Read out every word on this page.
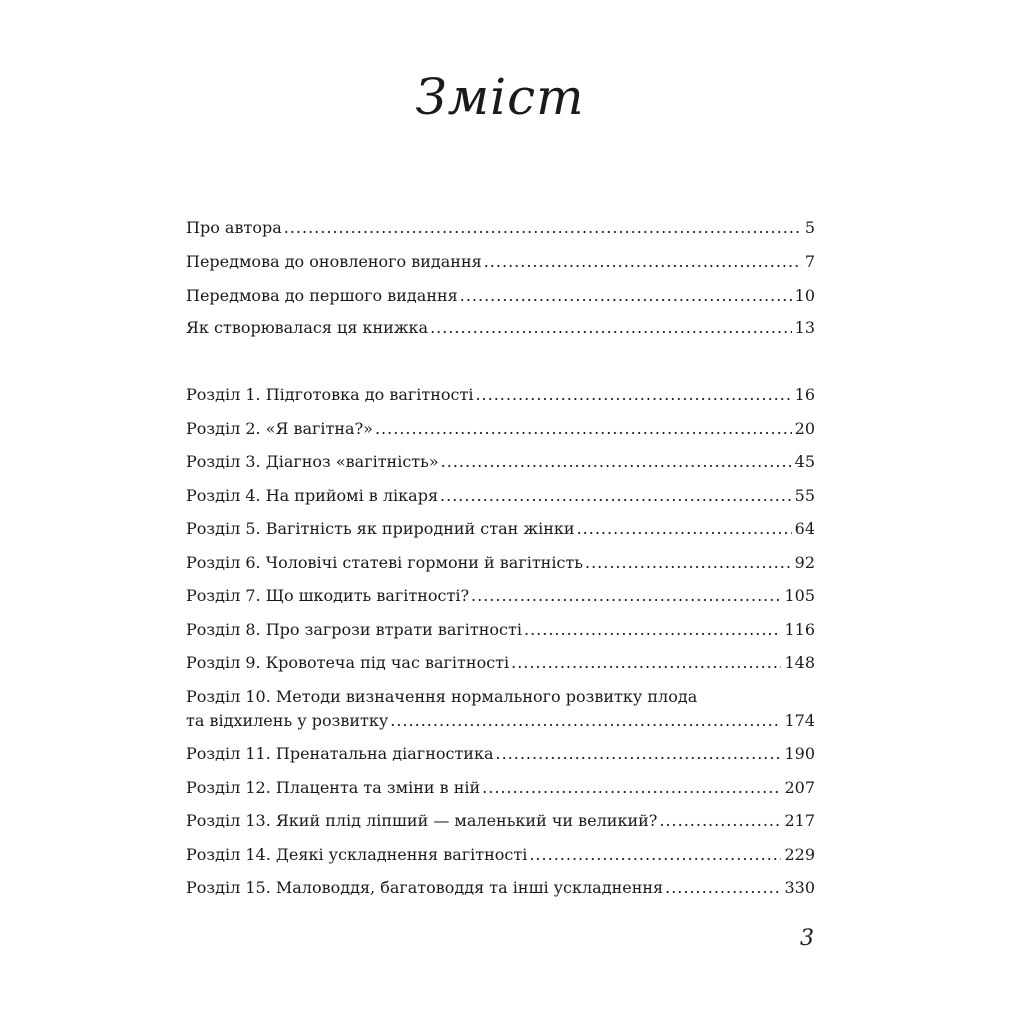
Зміст
Про автора .....	5
Передмова до оновленого видання .....	7
Передмова до першого видання .....	10
Як створювалася ця книжка .....	13
Розділ 1. Підготовка до вагітності .....	16
Розділ 2. «Я вагітна?» .....	20
Розділ 3. Діагноз «вагітність» .....	45
Розділ 4. На прийомі в лікаря .....	55
Розділ 5. Вагітність як природний стан жінки .....	64
Розділ 6. Чоловічі статеві гормони й вагітність .....	92
Розділ 7. Що шкодить вагітності? .....	105
Розділ 8. Про загрози втрати вагітності .....	116
Розділ 9. Кровотеча під час вагітності .....	148
Розділ 10. Методи визначення нормального розвитку плода
та відхилень у розвитку .....	174
Розділ 11. Пренатальна діагностика .....	190
Розділ 12. Плацента та зміни в ній .....	207
Розділ 13. Який плід ліпший — маленький чи великий? .....	217
Розділ 14. Деякі ускладнення вагітності .....	229
Розділ 15. Маловоддя, багатоводдя та інші ускладнення .....	330
3
